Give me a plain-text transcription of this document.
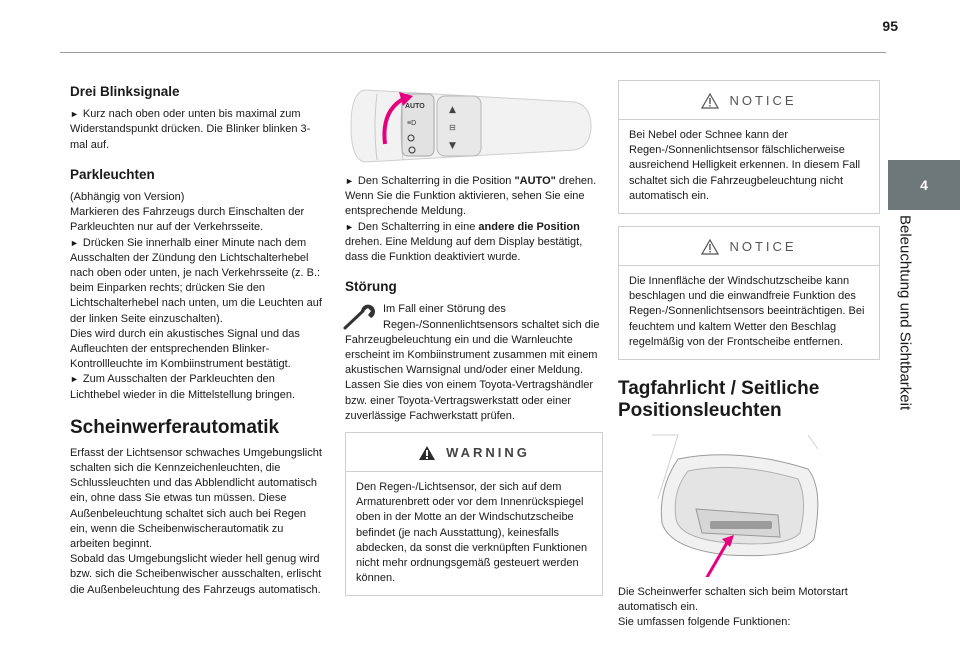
95
4
Beleuchtung und Sichtbarkeit
Drei Blinksignale

► Kurz nach oben oder unten bis maximal zum Widerstandspunkt drücken. Die Blinker blinken 3-mal auf.

Parkleuchten

(Abhängig von Version)

Markieren des Fahrzeugs durch Einschalten der Parkleuchten nur auf der Verkehrsseite.

► Drücken Sie innerhalb einer Minute nach dem Ausschalten der Zündung den Lichtschalterhebel nach oben oder unten, je nach Verkehrsseite (z. B.: beim Einparken rechts; drücken Sie den Lichtschalterhebel nach unten, um die Leuchten auf der linken Seite einzuschalten).

Dies wird durch ein akustisches Signal und das Aufleuchten der entsprechenden Blinker-Kontrollleuchte im Kombiinstrument bestätigt.

► Zum Ausschalten der Parkleuchten den Lichthebel wieder in die Mittelstellung bringen.

Scheinwerferautomatik

Erfasst der Lichtsensor schwaches Umgebungslicht schalten sich die Kennzeichenleuchten, die Schlussleuchten und das Abblendlicht automatisch ein, ohne dass Sie etwas tun müssen. Diese Außenbeleuchtung schaltet sich auch bei Regen ein, wenn die Scheibenwischerautomatik zu arbeiten beginnt.

Sobald das Umgebungslicht wieder hell genug wird bzw. sich die Scheibenwischer ausschalten, erlischt die Außenbeleuchtung des Fahrzeugs automatisch.

AUTO
≡D
▲
⊟
▼

► Den Schalterring in die Position "AUTO" drehen. Wenn Sie die Funktion aktivieren, sehen Sie eine entsprechende Meldung.

► Den Schalterring in eine andere die Position drehen. Eine Meldung auf dem Display bestätigt, dass die Funktion deaktiviert wurde.

Störung

Im Fall einer Störung des Regen-/Sonnenlichtsensors schaltet sich die Fahrzeugbeleuchtung ein und die Warnleuchte erscheint im Kombiinstrument zusammen mit einem akustischen Warnsignal und/oder einer Meldung. Lassen Sie dies von einem Toyota-Vertragshändler bzw. einer Toyota-Vertragswerkstatt oder einer zuverlässige Fachwerkstatt prüfen.

WARNING

Den Regen-/Lichtsensor, der sich auf dem Armaturenbrett oder vor dem Innenrückspiegel oben in der Motte an der Windschutzscheibe befindet (je nach Ausstattung), keinesfalls abdecken, da sonst die verknüpften Funktionen nicht mehr ordnungsgemäß gesteuert werden können.

NOTICE

Bei Nebel oder Schnee kann der Regen-/Sonnenlichtsensor fälschlicherweise ausreichend Helligkeit erkennen. In diesem Fall schaltet sich die Fahrzeugbeleuchtung nicht automatisch ein.

NOTICE

Die Innenfläche der Windschutzscheibe kann beschlagen und die einwandfreie Funktion des Regen-/Sonnenlichtsensors beeinträchtigen. Bei feuchtem und kaltem Wetter den Beschlag regelmäßig von der Frontscheibe entfernen.

Tagfahrlicht / Seitliche Positionsleuchten

Die Scheinwerfer schalten sich beim Motorstart automatisch ein.

Sie umfassen folgende Funktionen:
